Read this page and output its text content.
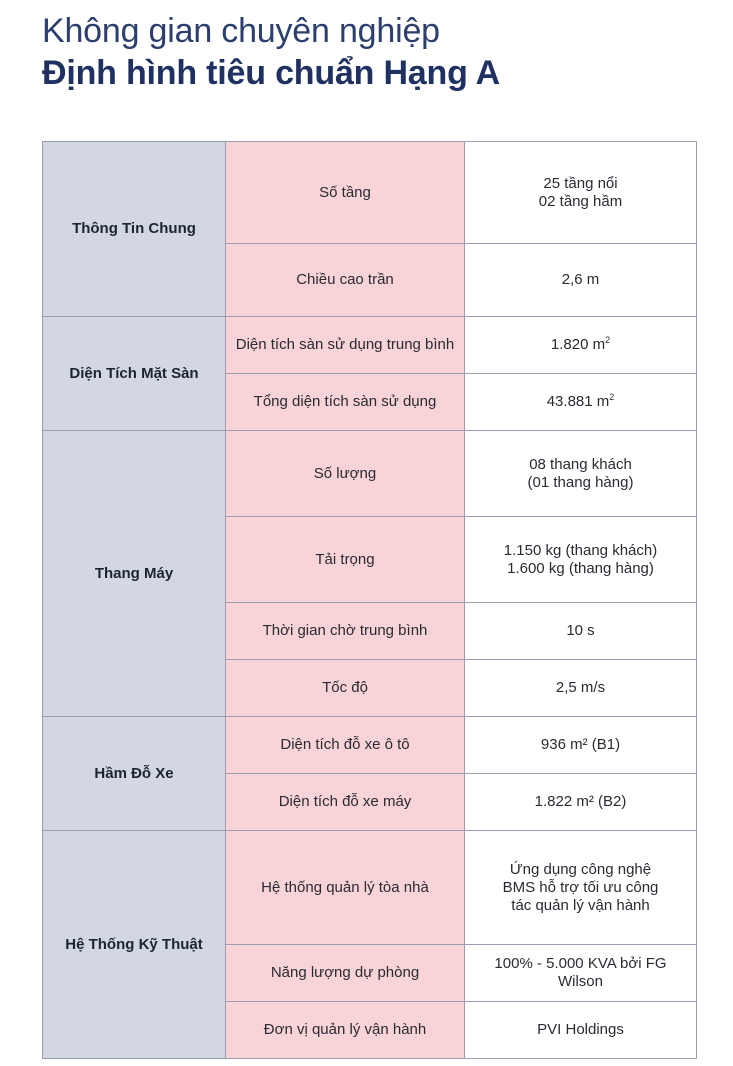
Không gian chuyên nghiệp
Định hình tiêu chuẩn Hạng A
Thông Tin Chung	Số tầng	25 tầng nổi
02 tầng hầm

	Chiều cao trần	2,6 m

Diện Tích Mặt Sàn	Diện tích sàn sử dụng trung bình	1.820 $m^2$

	Tổng diện tích sàn sử dụng	43.881 $m^2$

Thang Máy	Số lượng	08 thang khách
(01 thang hàng)

	Tải trọng	1.150 kg (thang khách)
1.600 kg (thang hàng)

	Thời gian chờ trung bình	10 s

	Tốc độ	2,5 m/s

Hầm Đỗ Xe	Diện tích đỗ xe ô tô	936 m² (B1)

	Diện tích đỗ xe máy	1.822 m² (B2)

Hệ Thống Kỹ Thuật	Hệ thống quản lý tòa nhà	Ứng dụng công nghệ
BMS hỗ trợ tối ưu công
tác quản lý vận hành

	Năng lượng dự phòng	100% - 5.000 KVA bởi FG Wilson

	Đơn vị quản lý vận hành	PVI Holdings
